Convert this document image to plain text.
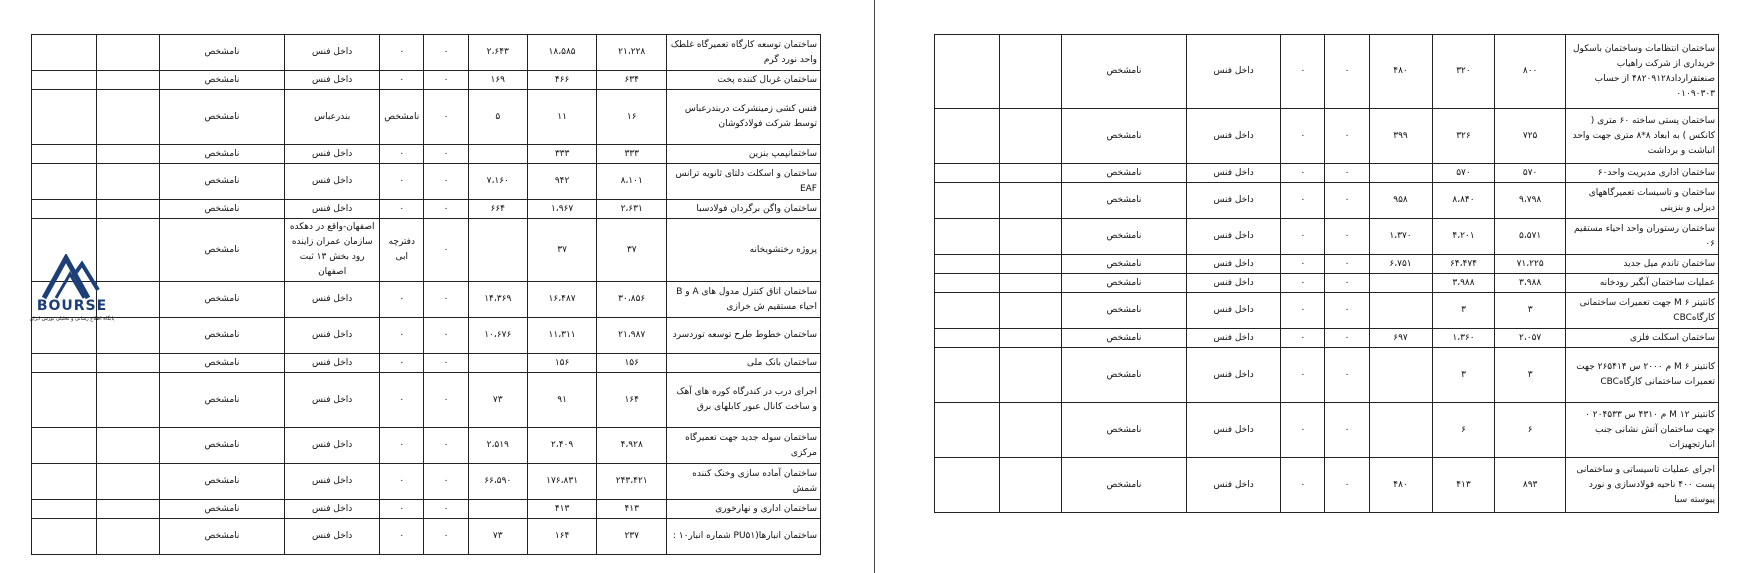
ساختمان توسعه کارگاه تعمیرگاه غلطک واحد نورد گرم	۲۱،۲۲۸	۱۸،۵۸۵	۲،۶۴۳	۰	۰	داخل فنس	نامشخص		
ساختمان غربال کننده پخت	۶۳۴	۴۶۶	۱۶۹	۰	۰	داخل فنس	نامشخص		
فنس کشی زمینشرکت دربندرعباس توسط شرکت فولادکوشان	۱۶	۱۱	۵	۰	نامشخص	بندرعباس	نامشخص		
ساختمانپمپ بنزین	۳۳۳	۳۳۳		۰	۰	داخل فنس	نامشخص		
ساختمان و اسکلت دلتای ثانویه ترانس EAF	۸،۱۰۱	۹۴۲	۷،۱۶۰	۰	۰	داخل فنس	نامشخص		
ساختمان واگن برگردان فولادسبا	۲،۶۳۱	۱،۹۶۷	۶۶۴	۰	۰	داخل فنس	نامشخص		
پروژه رختشویخانه	۳۷	۳۷		۰	دفترچه ابی	اصفهان-واقع در دهکده سازمان عمران زاینده رود بخش ۱۳ ثبت اصفهان	نامشخص		
ساختمان اتاق کنترل مدول های A و B احیاء مستقیم ش خرازی	۳۰،۸۵۶	۱۶،۴۸۷	۱۴،۳۶۹	۰	۰	داخل فنس	نامشخص		
ساختمان خطوط طرح توسعه توردسرد	۲۱،۹۸۷	۱۱،۳۱۱	۱۰،۶۷۶	۰	۰	داخل فنس	نامشخص		
ساختمان بانک ملی	۱۵۶	۱۵۶		۰	۰	داخل فنس	نامشخص		
اجرای درب در کندرگاه کوره های آهک و ساخت کانال عبور کابلهای برق	۱۶۴	۹۱	۷۳	۰	۰	داخل فنس	نامشخص		
ساختمان سوله جدید جهت تعمیرگاه مرکزی	۴،۹۲۸	۲،۴۰۹	۲،۵۱۹	۰	۰	داخل فنس	نامشخص		
ساختمان آماده سازی وخنک کننده شمش	۲۴۳،۴۲۱	۱۷۶،۸۳۱	۶۶،۵۹۰	۰	۰	داخل فنس	نامشخص		
ساختمان اداری و نهارخوری	۴۱۳	۴۱۳		۰	۰	داخل فنس	نامشخص		
ساختمان انبارها(PU۵۱ شماره انبار۱۰ :	۲۳۷	۱۶۴	۷۳	۰	۰	داخل فنس	نامشخص		
ساختمان انتظامات وساختمان باسکول خریداری از شرکت راهیاب صنعتقرارداد۴۸۲۰۹۱۲۸ از حساب ۰۱۰۹۰۳۰۳	۸۰۰	۳۲۰	۴۸۰	۰	۰	داخل فنس	نامشخص		
ساختمان پستی ساخته ۶۰ متری ( کانکس ) به ابعاد ۸*۸ متری جهت واحد انباشت و برداشت	۷۲۵	۳۲۶	۳۹۹	۰	۰	داخل فنس	نامشخص		
ساختمان اداری مدیریت واحد۶۰	۵۷۰	۵۷۰		۰	۰	داخل فنس	نامشخص		
ساختمان و تاسیسات تعمیرگاههای دیزلی و بنزینی	۹،۷۹۸	۸،۸۴۰	۹۵۸	۰	۰	داخل فنس	نامشخص		
ساختمان رستوران واحد احیاء مستقیم ۰۶	۵،۵۷۱	۴،۲۰۱	۱،۳۷۰	۰	۰	داخل فنس	نامشخص		
ساختمان تاندم میل جدید	۷۱،۲۲۵	۶۴،۴۷۴	۶،۷۵۱	۰	۰	داخل فنس	نامشخص		
عملیات ساختمان آبگیر رودخانه	۳،۹۸۸	۳،۹۸۸		۰	۰	داخل فنس	نامشخص		
کانتینر M ۶ جهت تعمیرات ساختمانی کارگاهCBC	۳	۳		۰	۰	داخل فنس	نامشخص		
ساختمان اسکلت فلزی	۲،۰۵۷	۱،۳۶۰	۶۹۷	۰	۰	داخل فنس	نامشخص		
کانتینر ۶ M م ۲۰۰۰ س ۲۶۵۴۱۴ جهت تعمیرات ساختمانی کارگاهCBC	۳	۳		۰	۰	داخل فنس	نامشخص		
کانتینر ۱۲ M م ۴۳۱۰ س ۲۰۴۵۳۳ ۰ جهت ساختمان آتش نشانی جنب انبارتجهیزات	۶	۶		۰	۰	داخل فنس	نامشخص		
اجرای عملیات تاسیساتی و ساختمانی پست ۴۰۰ ناحیه فولادسازی و نورد پیوسته سبا	۸۹۳	۴۱۳	۴۸۰	۰	۰	داخل فنس	نامشخص		
BOURSE
پایگاه اطلاع رسانی و تحلیلی بورس ایران
